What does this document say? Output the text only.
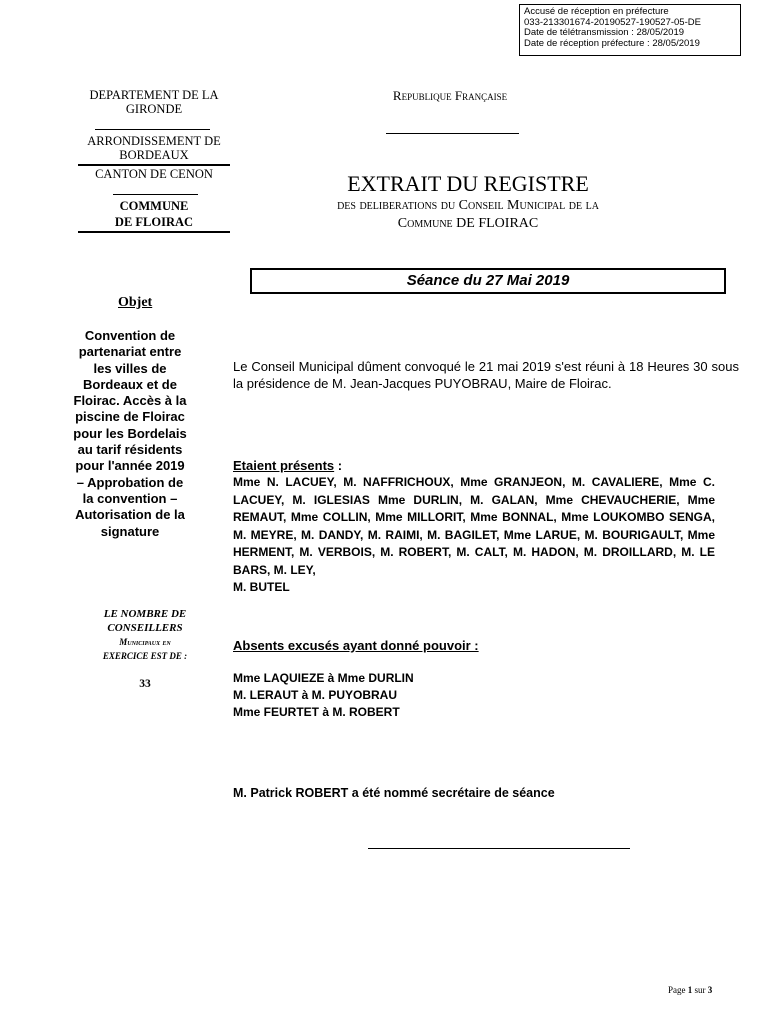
Accusé de réception en préfecture
033-213301674-20190527-190527-05-DE
Date de télétransmission : 28/05/2019
Date de réception préfecture : 28/05/2019
DEPARTEMENT DE LA GIRONDE
ARRONDISSEMENT DE BORDEAUX
CANTON DE CENON
COMMUNE
DE FLOIRAC
Republique Française
EXTRAIT DU REGISTRE
des deliberations du Conseil Municipal de la
Commune DE FLOIRAC
Séance du 27 Mai 2019
Objet
Convention de partenariat entre les villes de Bordeaux et de Floirac. Accès à la piscine de Floirac pour les Bordelais au tarif résidents pour l'année 2019 – Approbation de la convention – Autorisation de la signature
LE NOMBRE DE
CONSEILLERS
Municipaux en
EXERCICE EST DE :
33
Le Conseil Municipal dûment convoqué le 21 mai 2019 s'est réuni à 18 Heures 30 sous la présidence de M. Jean-Jacques PUYOBRAU, Maire de Floirac.
Etaient présents :
Mme N. LACUEY, M. NAFFRICHOUX, Mme GRANJEON, M. CAVALIERE, Mme C. LACUEY, M. IGLESIAS Mme DURLIN, M. GALAN, Mme CHEVAUCHERIE, Mme REMAUT, Mme COLLIN, Mme MILLORIT, Mme BONNAL, Mme LOUKOMBO SENGA, M. MEYRE, M. DANDY, M. RAIMI, M. BAGILET, Mme LARUE, M. BOURIGAULT, Mme HERMENT, M. VERBOIS, M. ROBERT, M. CALT, M. HADON, M. DROILLARD, M. LE BARS, M. LEY,
M. BUTEL
Absents excusés ayant donné pouvoir :
Mme LAQUIEZE à Mme DURLIN
M. LERAUT à M. PUYOBRAU
Mme FEURTET à M. ROBERT
M. Patrick ROBERT a été nommé secrétaire de séance
Page 1 sur 3
